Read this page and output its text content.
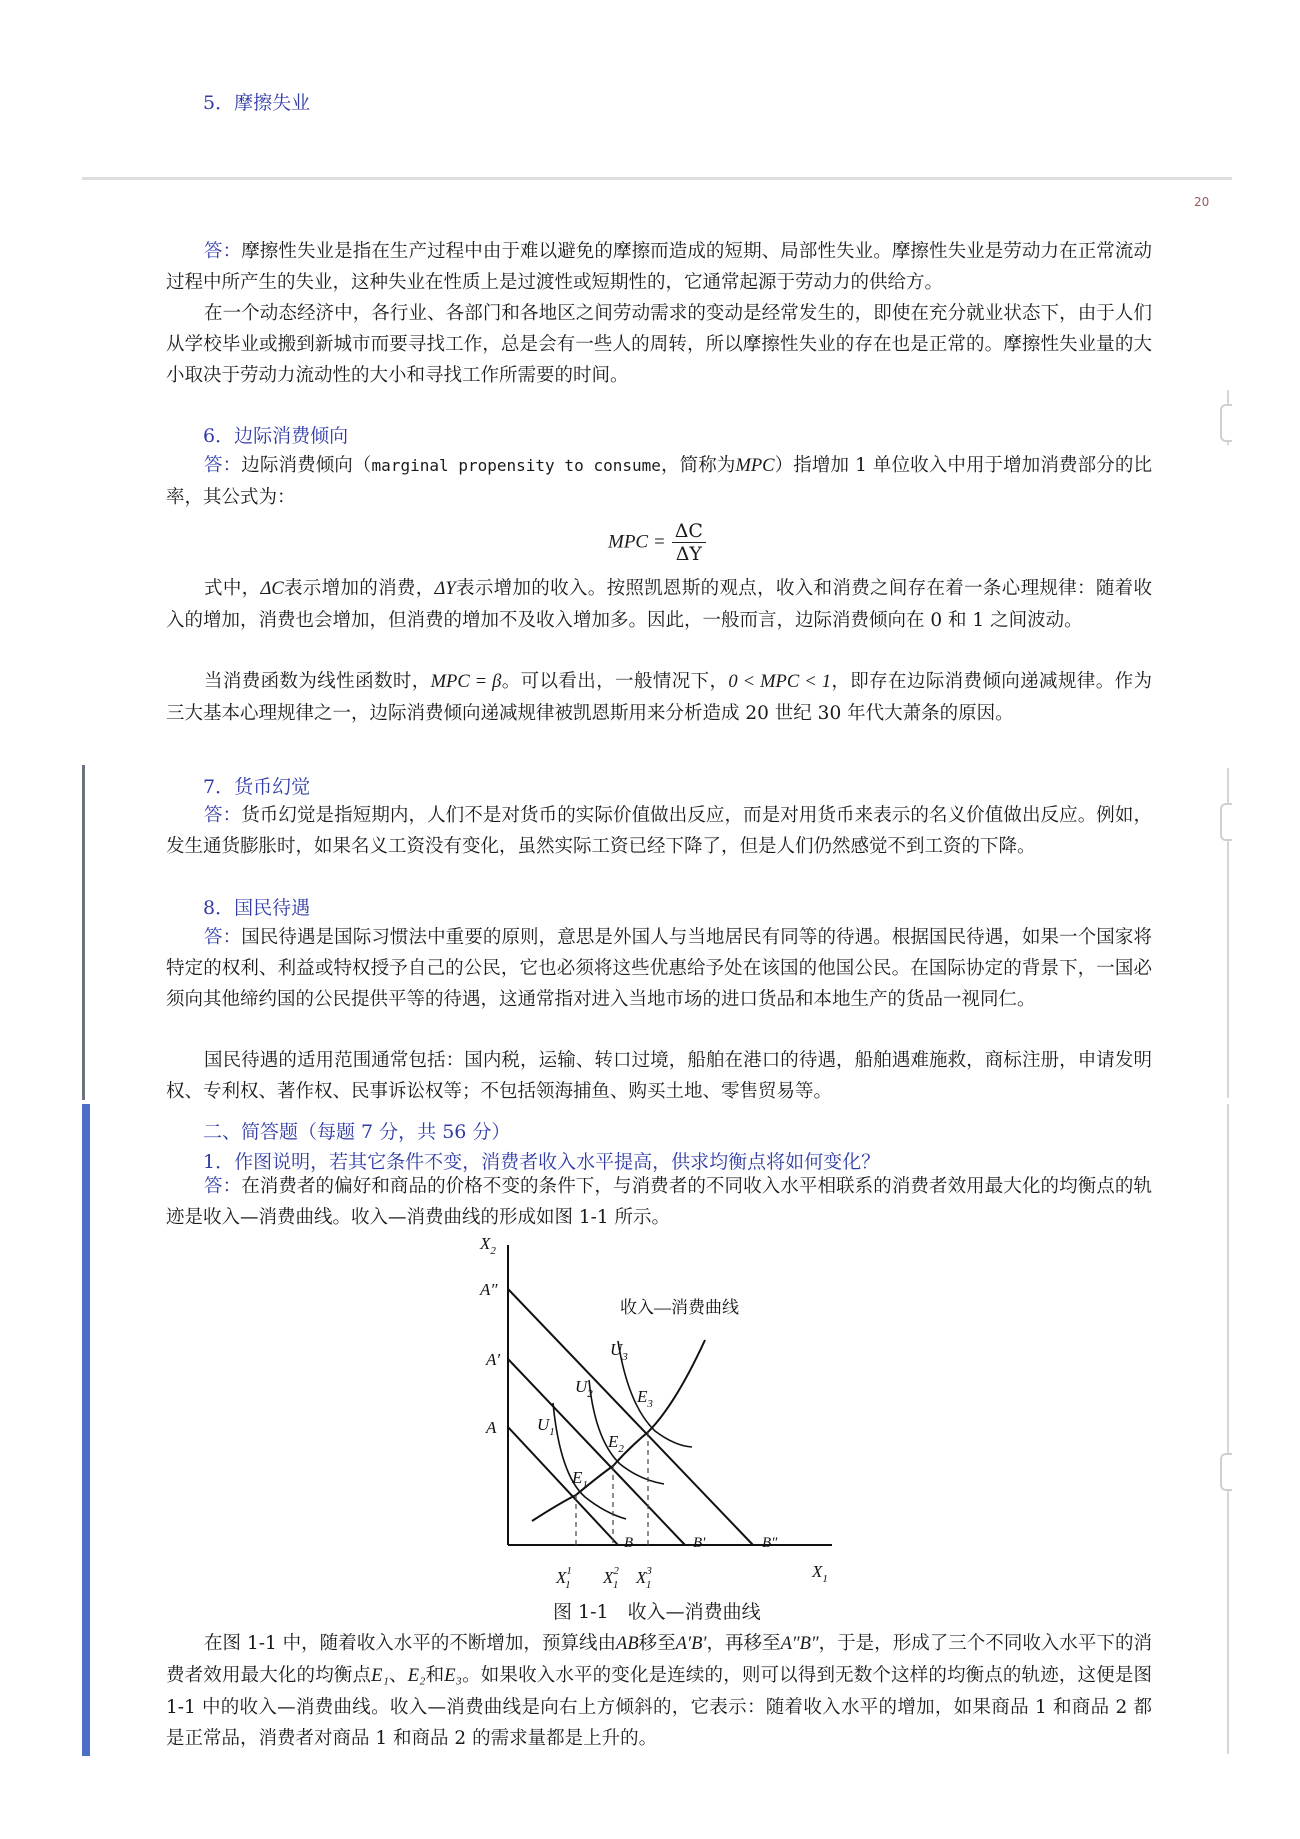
5．摩擦失业
20
答：摩擦性失业是指在生产过程中由于难以避免的摩擦而造成的短期、局部性失业。摩擦性失业是劳动力在正常流动过程中所产生的失业，这种失业在性质上是过渡性或短期性的，它通常起源于劳动力的供给方。
在一个动态经济中，各行业、各部门和各地区之间劳动需求的变动是经常发生的，即使在充分就业状态下，由于人们从学校毕业或搬到新城市而要寻找工作，总是会有一些人的周转，所以摩擦性失业的存在也是正常的。摩擦性失业量的大小取决于劳动力流动性的大小和寻找工作所需要的时间。
6．边际消费倾向
答：边际消费倾向（marginal propensity to consume，简称为MPC）指增加 1 单位收入中用于增加消费部分的比率，其公式为：
MPC = $\frac{\Delta C}{\Delta Y}$
式中，ΔC表示增加的消费，ΔY表示增加的收入。按照凯恩斯的观点，收入和消费之间存在着一条心理规律：随着收入的增加，消费也会增加，但消费的增加不及收入增加多。因此，一般而言，边际消费倾向在 0 和 1 之间波动。
当消费函数为线性函数时，MPC = β。可以看出，一般情况下，0 < MPC < 1，即存在边际消费倾向递减规律。作为三大基本心理规律之一，边际消费倾向递减规律被凯恩斯用来分析造成 20 世纪 30 年代大萧条的原因。
7．货币幻觉
答：货币幻觉是指短期内，人们不是对货币的实际价值做出反应，而是对用货币来表示的名义价值做出反应。例如，发生通货膨胀时，如果名义工资没有变化，虽然实际工资已经下降了，但是人们仍然感觉不到工资的下降。
8．国民待遇
答：国民待遇是国际习惯法中重要的原则，意思是外国人与当地居民有同等的待遇。根据国民待遇，如果一个国家将特定的权利、利益或特权授予自己的公民，它也必须将这些优惠给予处在该国的他国公民。在国际协定的背景下，一国必须向其他缔约国的公民提供平等的待遇，这通常指对进入当地市场的进口货品和本地生产的货品一视同仁。
国民待遇的适用范围通常包括：国内税，运输、转口过境，船舶在港口的待遇，船舶遇难施救，商标注册，申请发明权、专利权、著作权、民事诉讼权等；不包括领海捕鱼、购买土地、零售贸易等。
二、简答题（每题 7 分，共 56 分）
1．作图说明，若其它条件不变，消费者收入水平提高，供求均衡点将如何变化？
答：在消费者的偏好和商品的价格不变的条件下，与消费者的不同收入水平相联系的消费者效用最大化的均衡点的轨迹是收入—消费曲线。收入—消费曲线的形成如图 1-1 所示。
$X_2$
A″
A′
A
B	B′	B″
$U_1$
$U_2$
$U_3$
$E_1$
$E_2$
$E_3$
$X_1$
$X^1$ 1 $X^2$ 1 $X^3$ 1
收入—消费曲线
图 1-1　收入—消费曲线
在图 1-1 中，随着收入水平的不断增加，预算线由AB移至A′B′，再移至A″B″，于是，形成了三个不同收入水平下的消费者效用最大化的均衡点E₁、E₂和E₃。如果收入水平的变化是连续的，则可以得到无数个这样的均衡点的轨迹，这便是图 1-1 中的收入—消费曲线。收入—消费曲线是向右上方倾斜的，它表示：随着收入水平的增加，如果商品 1 和商品 2 都是正常品，消费者对商品 1 和商品 2 的需求量都是上升的。
